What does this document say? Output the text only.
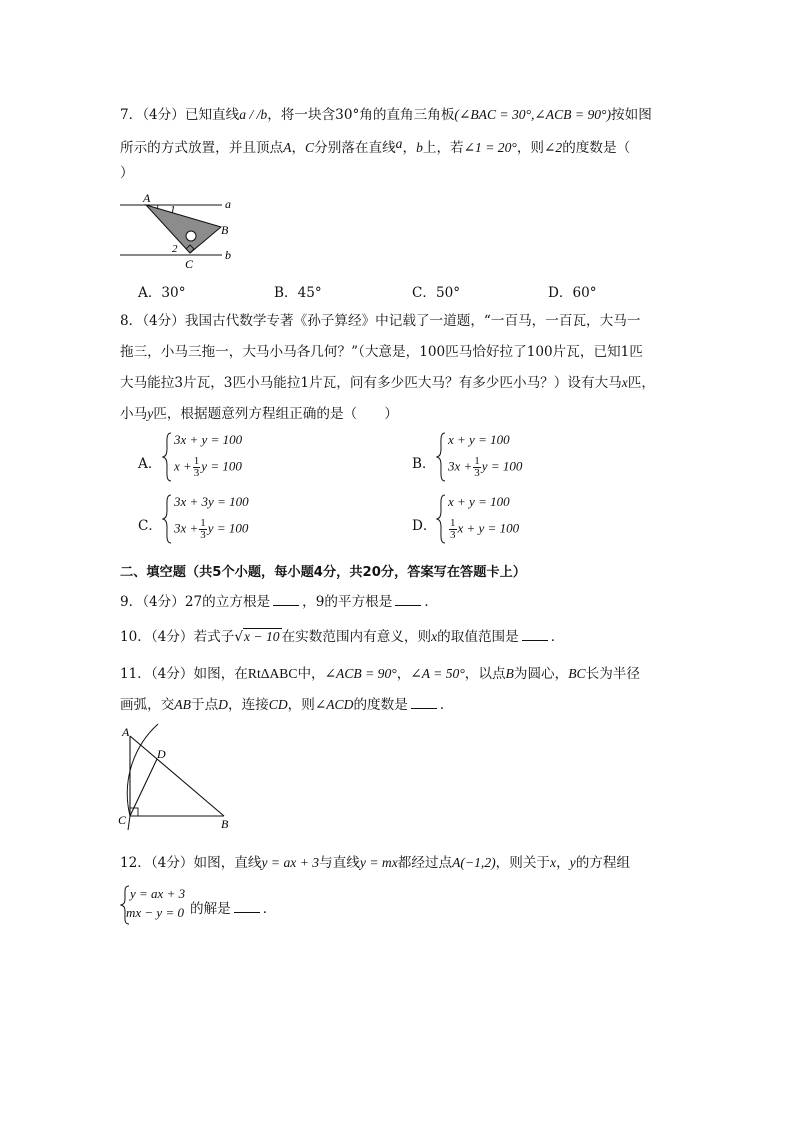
7．（4分）已知直线a / /b，将一块含30°角的直角三角板(∠BAC = 30°,∠ACB = 90°)按如图
所示的方式放置，并且顶点A，C分别落在直线a，b上，若∠1 = 20°，则∠2的度数是（
）
A
1	a
B
2	b
C
A．30°	B．45°	C．50°	D．60°
8．（4分）我国古代数学专著《孙子算经》中记载了一道题，“一百马，一百瓦，大马一
拖三，小马三拖一，大马小马各几何？”（大意是，100匹马恰好拉了100片瓦，已知1匹
大马能拉3片瓦，3匹小马能拉1片瓦，问有多少匹大马？有多少匹小马？）设有大马x匹，
小马y匹，根据题意列方程组正确的是（　　）
A．
3x + y = 100
$x + \frac{1}{3}$ y = 100	B．
x + y = 100
$3x + \frac{1}{3}$ y = 100
C．
3x + 3y = 100
$3x + \frac{1}{3}$ y = 100	D．
x + y = 100
$\frac{1}{3}$ x + y = 100
二、填空题（共5个小题，每小题4分，共20分，答案写在答题卡上）
9．（4分）27的立方根是 ，9的平方根是 ．
10．（4分）若式子√x − 10 在实数范围内有意义，则x的取值范围是 ．
11．（4分）如图，在RtΔABC中，∠ACB = 90°，∠A = 50°，以点B为圆心，BC长为半径
画弧，交AB于点D，连接CD，则∠ACD的度数是 ．
A
D
C	B
12．（4分）如图，直线y = ax + 3与直线y = mx都经过点A(−1,2)，则关于x，y的方程组
y = ax + 3
mx − y = 0 的解是 ．
